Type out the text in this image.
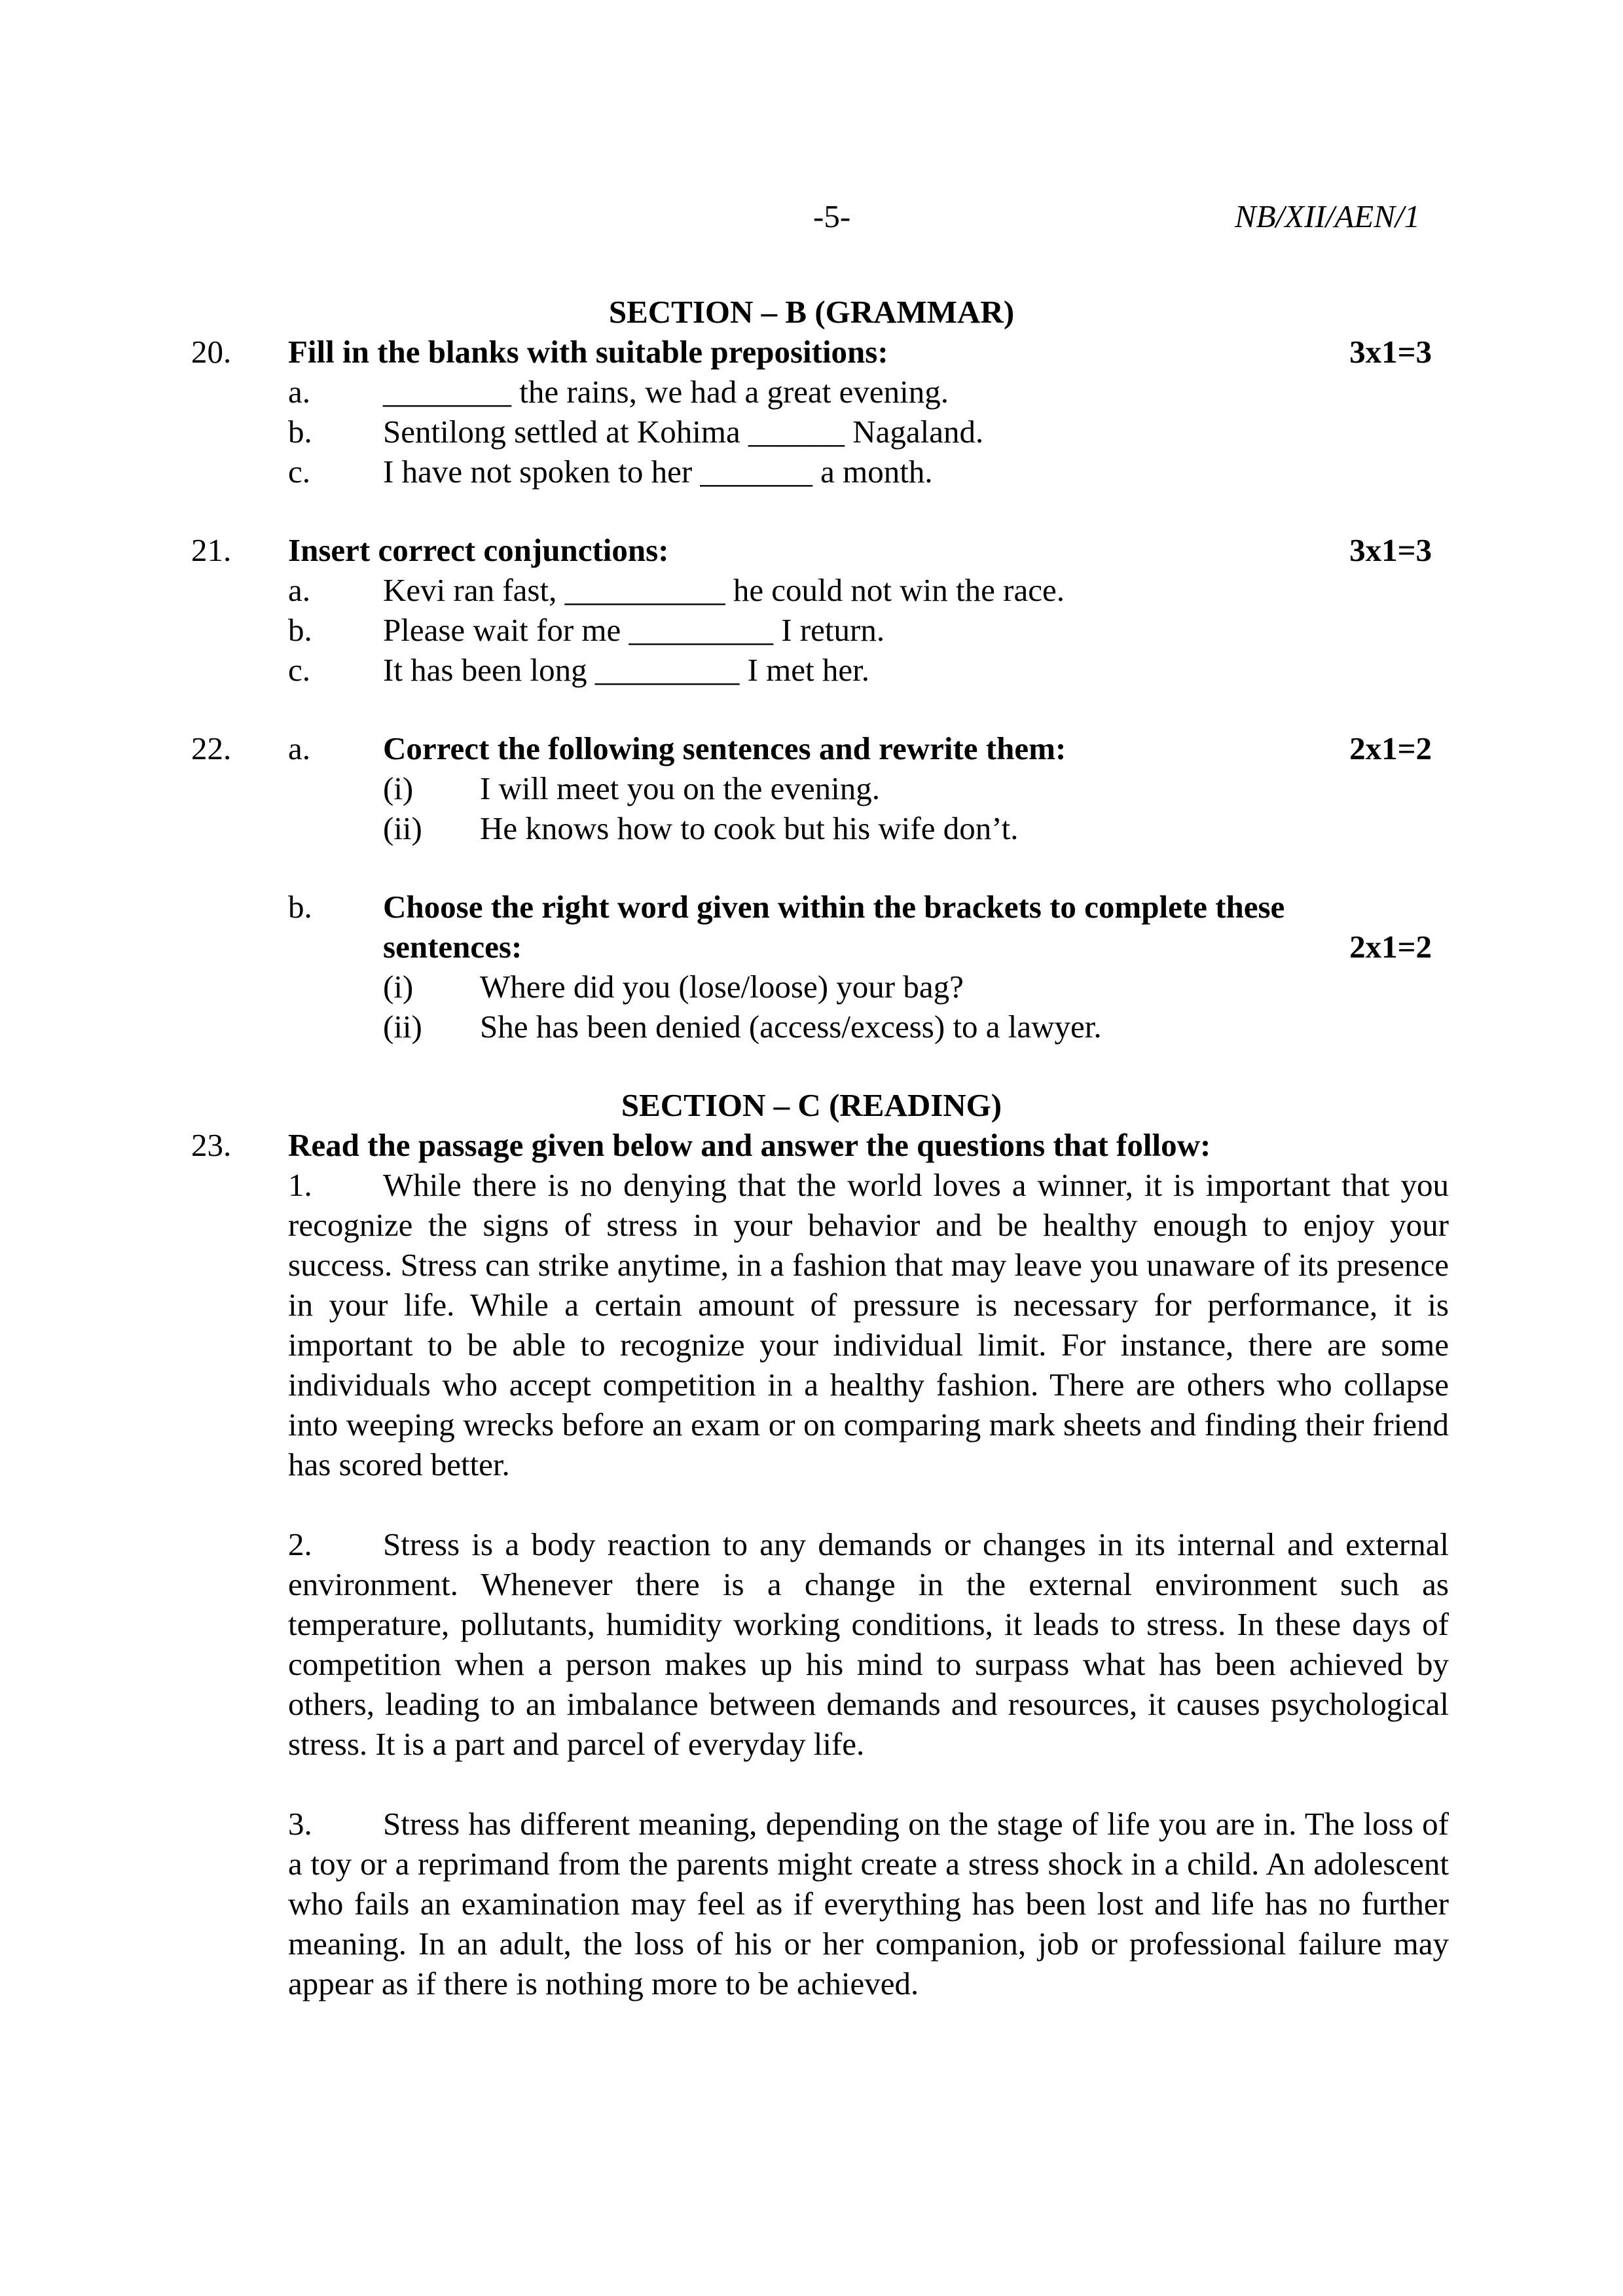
-5-	NB/XII/AEN/1
SECTION – B (GRAMMAR)
20. Fill in the blanks with suitable prepositions:	3x1=3
a. ________ the rains, we had a great evening.
b. Sentilong settled at Kohima ______ Nagaland.
c. I have not spoken to her _______ a month.
21. Insert correct conjunctions:	3x1=3
a. Kevi ran fast, __________ he could not win the race.
b. Please wait for me _________ I return.
c. It has been long _________ I met her.
22. a. Correct the following sentences and rewrite them:	2x1=2
(i) I will meet you on the evening.
(ii) He knows how to cook but his wife don’t.
b. Choose the right word given within the brackets to complete these
sentences:	2x1=2
(i) Where did you (lose/loose) your bag?
(ii) She has been denied (access/excess) to a lawyer.
SECTION – C (READING)
23. Read the passage given below and answer the questions that follow:
1. While there is no denying that the world loves a winner, it is important that you recognize the signs of stress in your behavior and be healthy enough to enjoy your success. Stress can strike anytime, in a fashion that may leave you unaware of its presence in your life. While a certain amount of pressure is necessary for performance, it is important to be able to recognize your individual limit. For instance, there are some individuals who accept competition in a healthy fashion. There are others who collapse into weeping wrecks before an exam or on comparing mark sheets and finding their friend has scored better.
2. Stress is a body reaction to any demands or changes in its internal and external environment. Whenever there is a change in the external environment such as temperature, pollutants, humidity working conditions, it leads to stress. In these days of competition when a person makes up his mind to surpass what has been achieved by others, leading to an imbalance between demands and resources, it causes psychological stress. It is a part and parcel of everyday life.
3. Stress has different meaning, depending on the stage of life you are in. The loss of a toy or a reprimand from the parents might create a stress shock in a child. An adolescent who fails an examination may feel as if everything has been lost and life has no further meaning. In an adult, the loss of his or her companion, job or professional failure may appear as if there is nothing more to be achieved.
